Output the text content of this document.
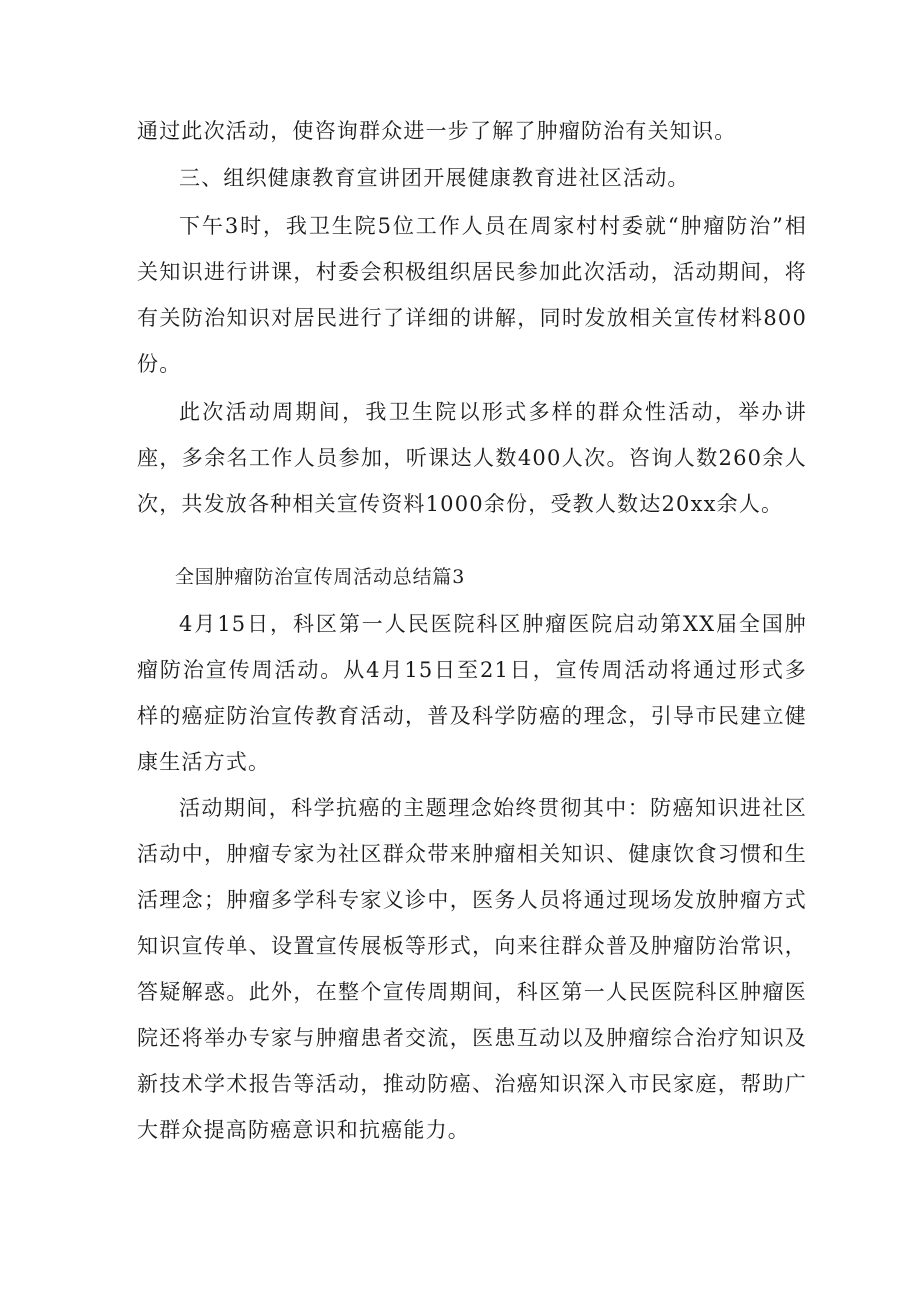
通过此次活动，使咨询群众进一步了解了肿瘤防治有关知识。

三、组织健康教育宣讲团开展健康教育进社区活动。

下午3时，我卫生院5位工作人员在周家村村委就“肿瘤防治”相关知识进行讲课，村委会积极组织居民参加此次活动，活动期间，将有关防治知识对居民进行了详细的讲解，同时发放相关宣传材料800份。

此次活动周期间，我卫生院以形式多样的群众性活动，举办讲座，多余名工作人员参加，听课达人数400人次。咨询人数260余人次，共发放各种相关宣传资料1000余份，受教人数达20xx余人。

全国肿瘤防治宣传周活动总结篇3

4月15日，科区第一人民医院科区肿瘤医院启动第XX届全国肿瘤防治宣传周活动。从4月15日至21日，宣传周活动将通过形式多样的癌症防治宣传教育活动，普及科学防癌的理念，引导市民建立健康生活方式。

活动期间，科学抗癌的主题理念始终贯彻其中：防癌知识进社区活动中，肿瘤专家为社区群众带来肿瘤相关知识、健康饮食习惯和生活理念；肿瘤多学科专家义诊中，医务人员将通过现场发放肿瘤方式知识宣传单、设置宣传展板等形式，向来往群众普及肿瘤防治常识，答疑解惑。此外，在整个宣传周期间，科区第一人民医院科区肿瘤医院还将举办专家与肿瘤患者交流，医患互动以及肿瘤综合治疗知识及新技术学术报告等活动，推动防癌、治癌知识深入市民家庭，帮助广大群众提高防癌意识和抗癌能力。
